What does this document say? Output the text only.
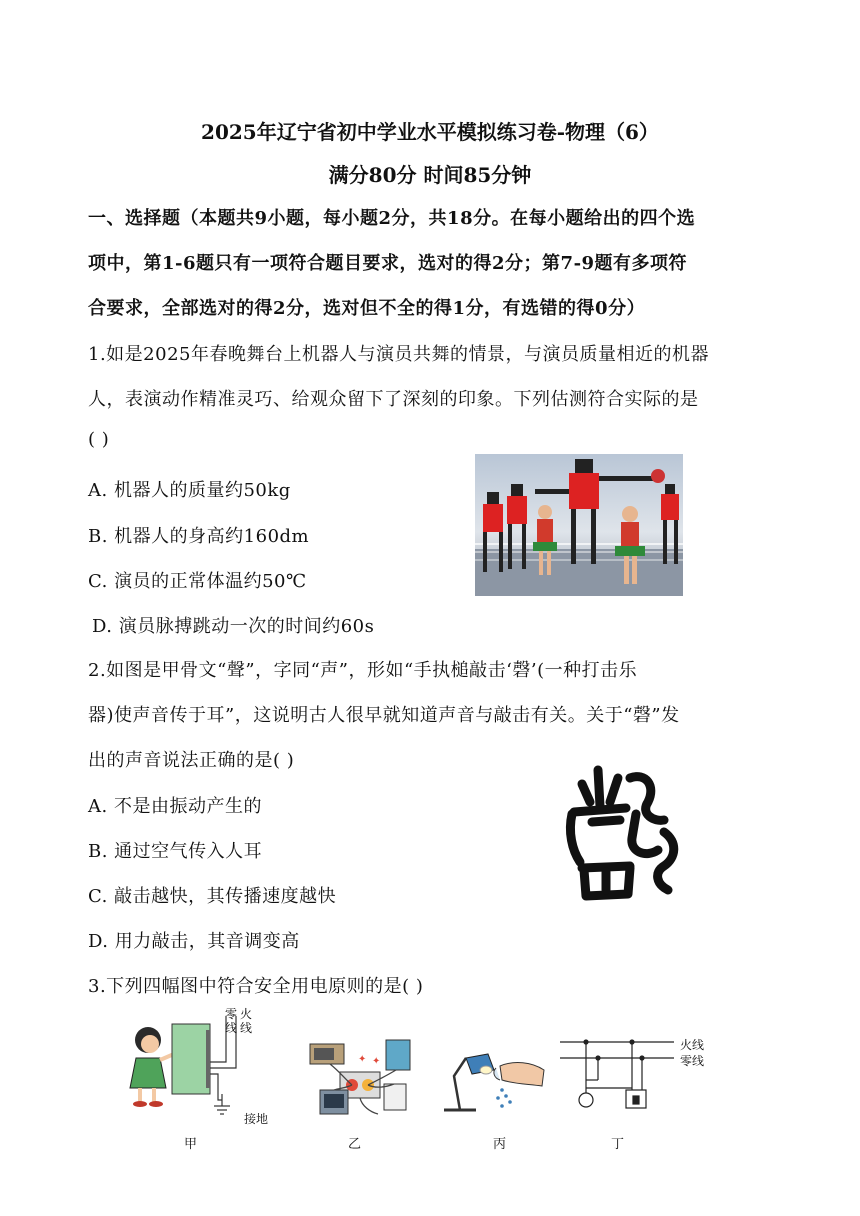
2025年辽宁省初中学业水平模拟练习卷-物理（6）
满分80分 时间85分钟
一、选择题（本题共9小题，每小题2分，共18分。在每小题给出的四个选
项中，第1-6题只有一项符合题目要求，选对的得2分；第7-9题有多项符
合要求，全部选对的得2分，选对但不全的得1分，有选错的得0分）
1.如是2025年春晚舞台上机器人与演员共舞的情景，与演员质量相近的机器
人，表演动作精准灵巧、给观众留下了深刻的印象。下列估测符合实际的是
( )
A. 机器人的质量约50kg
B. 机器人的身高约160dm
C. 演员的正常体温约50℃
D. 演员脉搏跳动一次的时间约60s
2.如图是甲骨文“聲”，字同“声”，形如“手执槌敲击‘磬’(一种打击乐
器)使声音传于耳”，这说明古人很早就知道声音与敲击有关。关于“磬”发
出的声音说法正确的是( )
A. 不是由振动产生的
B. 通过空气传入人耳
C. 敲击越快，其传播速度越快
D. 用力敲击，其音调变高
3.下列四幅图中符合安全用电原则的是( )
零
线
火
线
接地
甲
✦ ✦
乙	丙
火线
零线
丁
